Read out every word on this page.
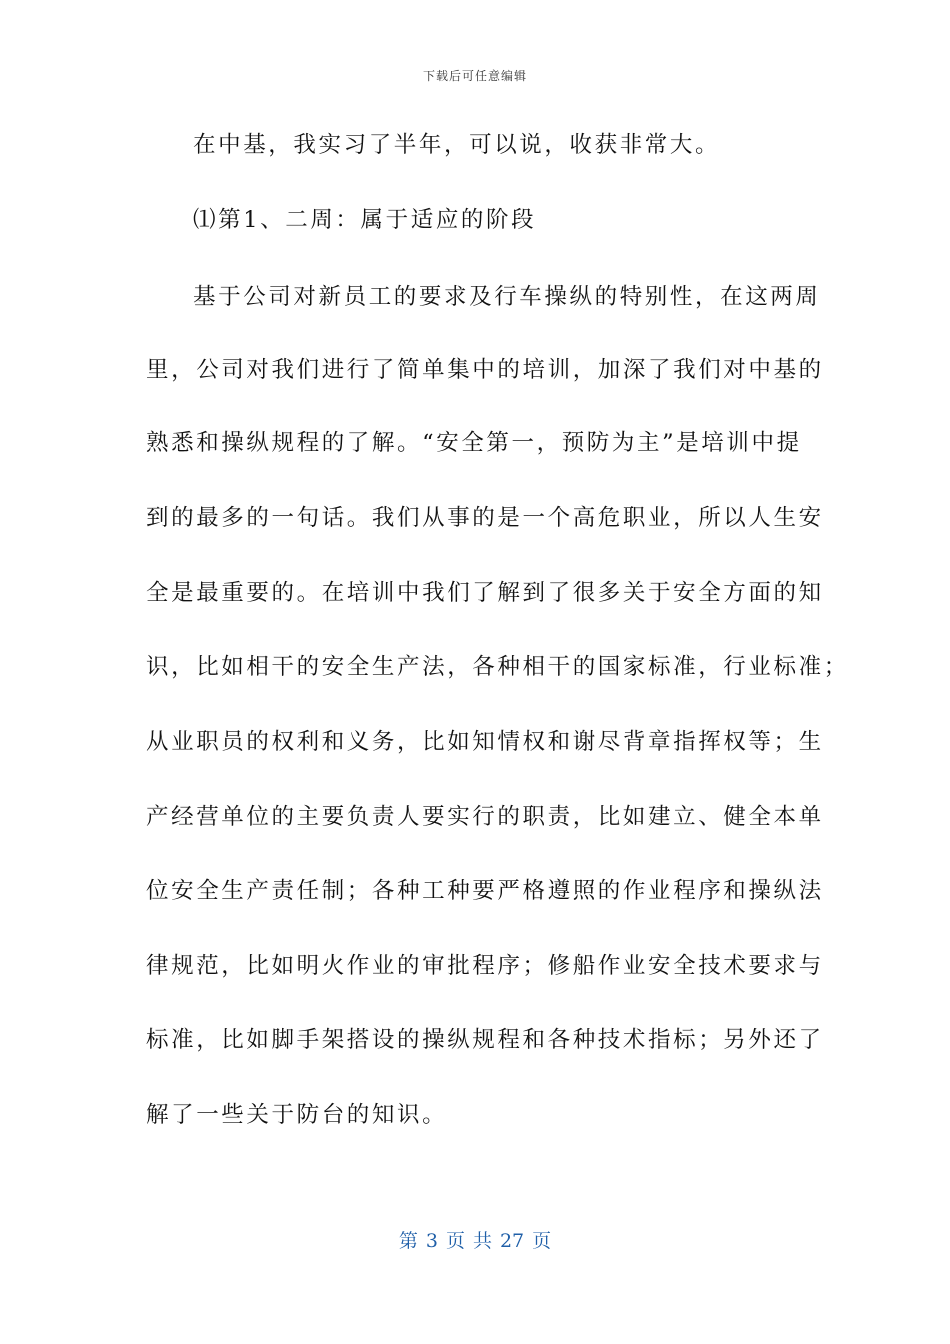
下载后可任意编辑
在中基，我实习了半年，可以说，收获非常大。
⑴第1、二周：属于适应的阶段
基于公司对新员工的要求及行车操纵的特别性，在这两周
里，公司对我们进行了简单集中的培训，加深了我们对中基的
熟悉和操纵规程的了解。“安全第一，预防为主”是培训中提
到的最多的一句话。我们从事的是一个高危职业，所以人生安
全是最重要的。在培训中我们了解到了很多关于安全方面的知
识，比如相干的安全生产法，各种相干的国家标准，行业标准；
从业职员的权利和义务，比如知情权和谢尽背章指挥权等；生
产经营单位的主要负责人要实行的职责，比如建立、健全本单
位安全生产责任制；各种工种要严格遵照的作业程序和操纵法
律规范，比如明火作业的审批程序；修船作业安全技术要求与
标准，比如脚手架搭设的操纵规程和各种技术指标；另外还了
解了一些关于防台的知识。
第 3 页 共 27 页
